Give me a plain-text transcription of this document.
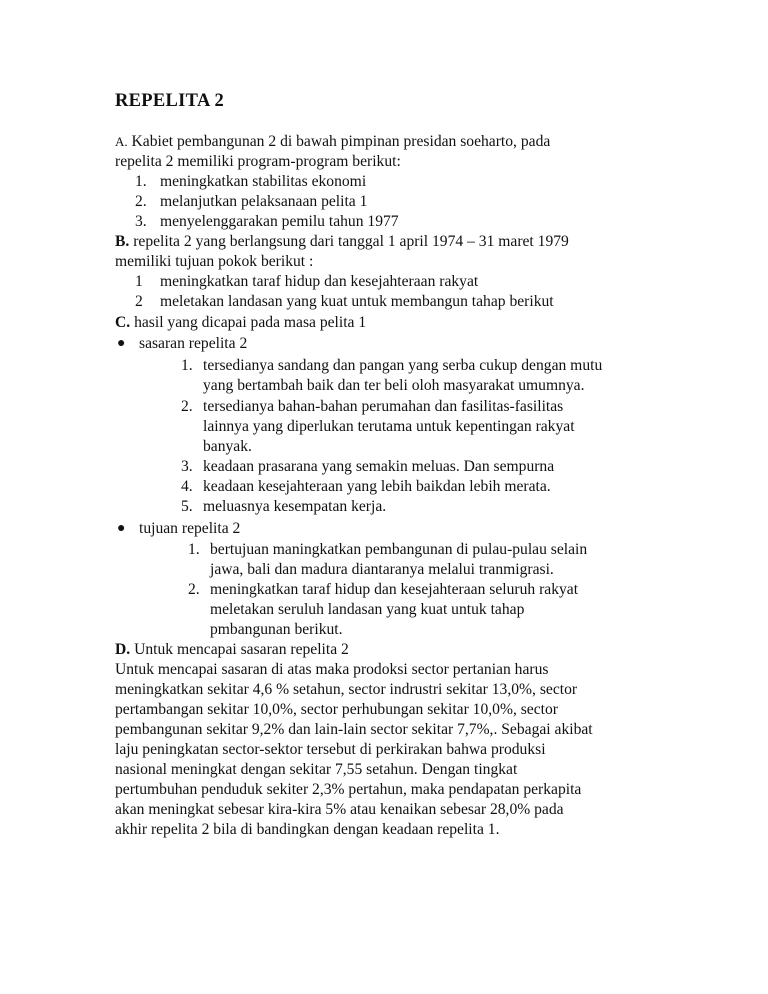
REPELITA 2
A. Kabiet pembangunan 2 di bawah pimpinan presidan soeharto, pada
repelita 2 memiliki program-program berikut:
1. meningkatkan stabilitas ekonomi
2. melanjutkan pelaksanaan pelita 1
3. menyelenggarakan pemilu tahun 1977
B. repelita 2 yang berlangsung dari tanggal 1 april 1974 – 31 maret 1979
memiliki tujuan pokok berikut :
1 meningkatkan taraf hidup dan kesejahteraan rakyat
2 meletakan landasan yang kuat untuk membangun tahap berikut
C. hasil yang dicapai pada masa pelita 1
● sasaran repelita 2
1. tersedianya sandang dan pangan yang serba cukup dengan mutu
yang bertambah baik dan ter beli oloh masyarakat umumnya.
2. tersedianya bahan-bahan perumahan dan fasilitas-fasilitas
lainnya yang diperlukan terutama untuk kepentingan rakyat
banyak.
3. keadaan prasarana yang semakin meluas. Dan sempurna
4. keadaan kesejahteraan yang lebih baikdan lebih merata.
5. meluasnya kesempatan kerja.
● tujuan repelita 2
1. bertujuan maningkatkan pembangunan di pulau-pulau selain
jawa, bali dan madura diantaranya melalui tranmigrasi.
2. meningkatkan taraf hidup dan kesejahteraan seluruh rakyat
meletakan seruluh landasan yang kuat untuk tahap
pmbangunan berikut.
D. Untuk mencapai sasaran repelita 2
Untuk mencapai sasaran di atas maka prodoksi sector pertanian harus
meningkatkan sekitar 4,6 % setahun, sector indrustri sekitar 13,0%, sector
pertambangan sekitar 10,0%, sector perhubungan sekitar 10,0%, sector
pembangunan sekitar 9,2% dan lain-lain sector sekitar 7,7%,. Sebagai akibat
laju peningkatan sector-sektor tersebut di perkirakan bahwa produksi
nasional meningkat dengan sekitar 7,55 setahun. Dengan tingkat
pertumbuhan penduduk sekiter 2,3% pertahun, maka pendapatan perkapita
akan meningkat sebesar kira-kira 5% atau kenaikan sebesar 28,0% pada
akhir repelita 2 bila di bandingkan dengan keadaan repelita 1.
